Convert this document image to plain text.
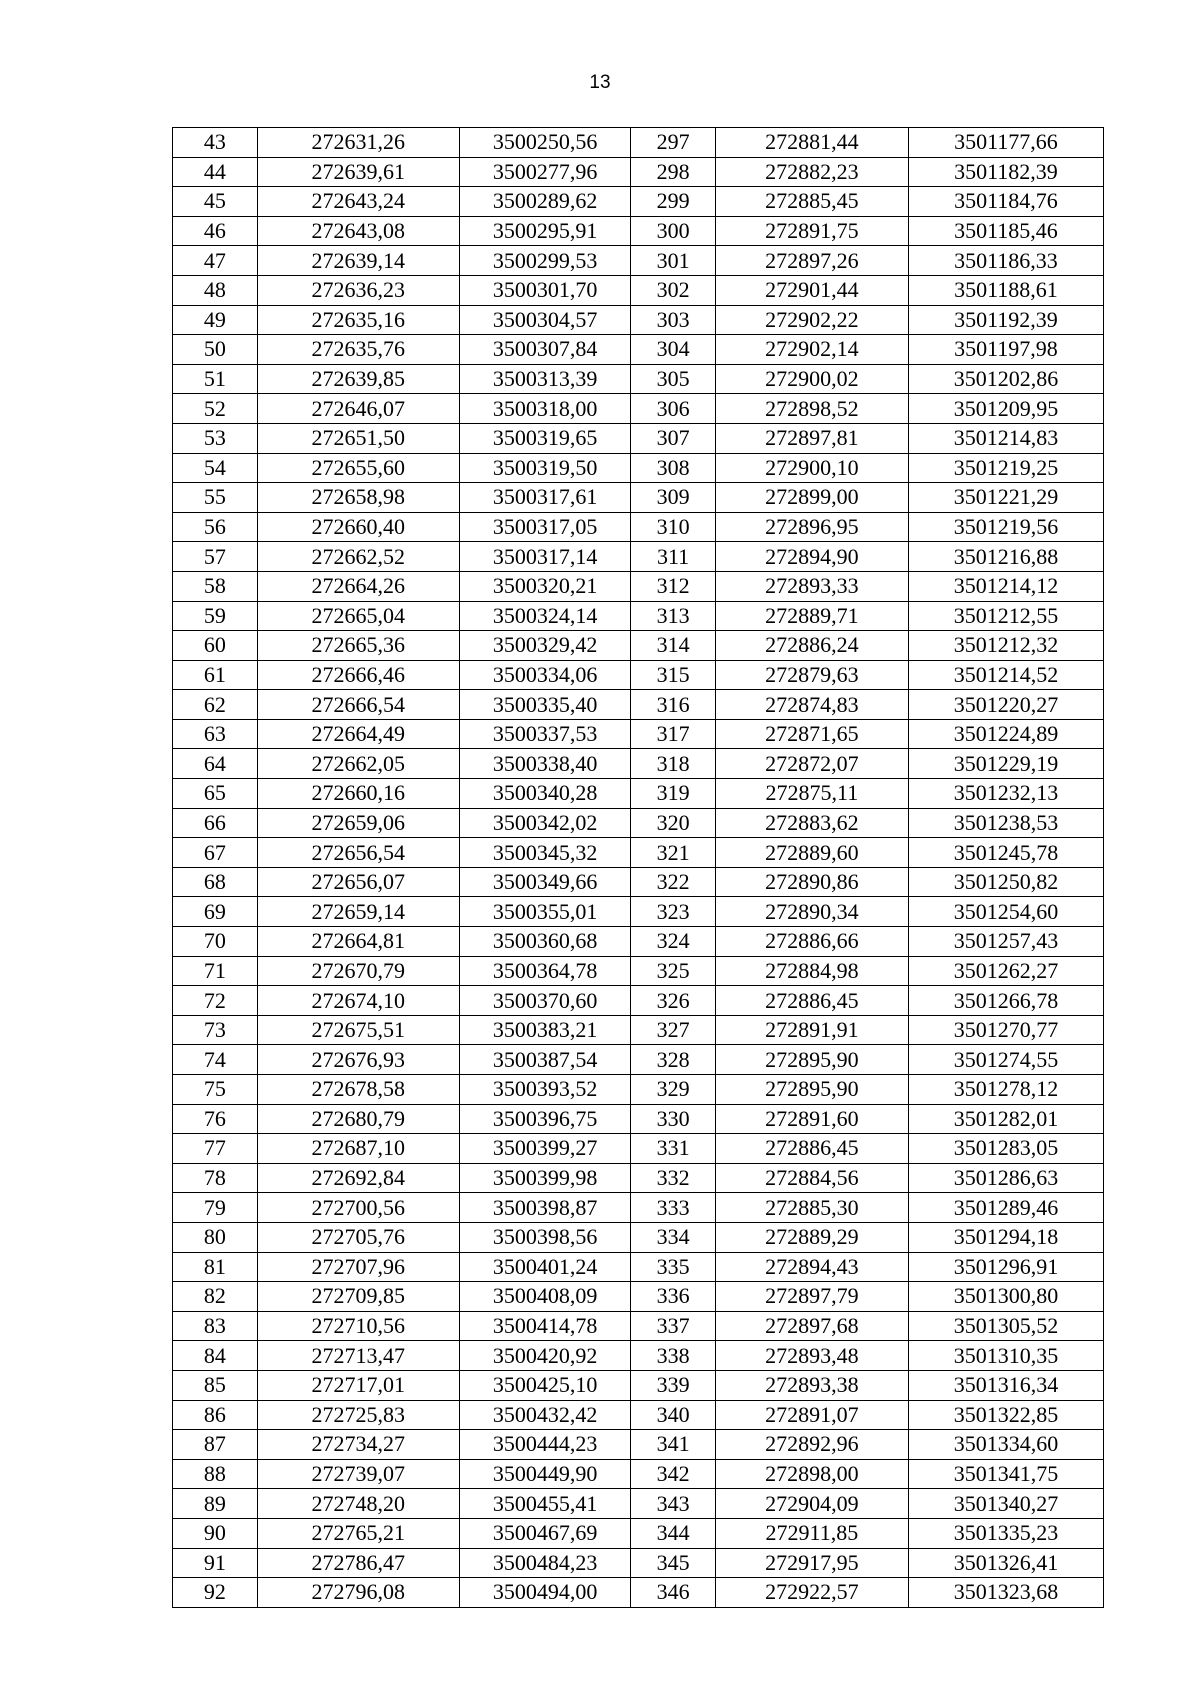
13
43	272631,26	3500250,56	297	272881,44	3501177,66
44	272639,61	3500277,96	298	272882,23	3501182,39
45	272643,24	3500289,62	299	272885,45	3501184,76
46	272643,08	3500295,91	300	272891,75	3501185,46
47	272639,14	3500299,53	301	272897,26	3501186,33
48	272636,23	3500301,70	302	272901,44	3501188,61
49	272635,16	3500304,57	303	272902,22	3501192,39
50	272635,76	3500307,84	304	272902,14	3501197,98
51	272639,85	3500313,39	305	272900,02	3501202,86
52	272646,07	3500318,00	306	272898,52	3501209,95
53	272651,50	3500319,65	307	272897,81	3501214,83
54	272655,60	3500319,50	308	272900,10	3501219,25
55	272658,98	3500317,61	309	272899,00	3501221,29
56	272660,40	3500317,05	310	272896,95	3501219,56
57	272662,52	3500317,14	311	272894,90	3501216,88
58	272664,26	3500320,21	312	272893,33	3501214,12
59	272665,04	3500324,14	313	272889,71	3501212,55
60	272665,36	3500329,42	314	272886,24	3501212,32
61	272666,46	3500334,06	315	272879,63	3501214,52
62	272666,54	3500335,40	316	272874,83	3501220,27
63	272664,49	3500337,53	317	272871,65	3501224,89
64	272662,05	3500338,40	318	272872,07	3501229,19
65	272660,16	3500340,28	319	272875,11	3501232,13
66	272659,06	3500342,02	320	272883,62	3501238,53
67	272656,54	3500345,32	321	272889,60	3501245,78
68	272656,07	3500349,66	322	272890,86	3501250,82
69	272659,14	3500355,01	323	272890,34	3501254,60
70	272664,81	3500360,68	324	272886,66	3501257,43
71	272670,79	3500364,78	325	272884,98	3501262,27
72	272674,10	3500370,60	326	272886,45	3501266,78
73	272675,51	3500383,21	327	272891,91	3501270,77
74	272676,93	3500387,54	328	272895,90	3501274,55
75	272678,58	3500393,52	329	272895,90	3501278,12
76	272680,79	3500396,75	330	272891,60	3501282,01
77	272687,10	3500399,27	331	272886,45	3501283,05
78	272692,84	3500399,98	332	272884,56	3501286,63
79	272700,56	3500398,87	333	272885,30	3501289,46
80	272705,76	3500398,56	334	272889,29	3501294,18
81	272707,96	3500401,24	335	272894,43	3501296,91
82	272709,85	3500408,09	336	272897,79	3501300,80
83	272710,56	3500414,78	337	272897,68	3501305,52
84	272713,47	3500420,92	338	272893,48	3501310,35
85	272717,01	3500425,10	339	272893,38	3501316,34
86	272725,83	3500432,42	340	272891,07	3501322,85
87	272734,27	3500444,23	341	272892,96	3501334,60
88	272739,07	3500449,90	342	272898,00	3501341,75
89	272748,20	3500455,41	343	272904,09	3501340,27
90	272765,21	3500467,69	344	272911,85	3501335,23
91	272786,47	3500484,23	345	272917,95	3501326,41
92	272796,08	3500494,00	346	272922,57	3501323,68
